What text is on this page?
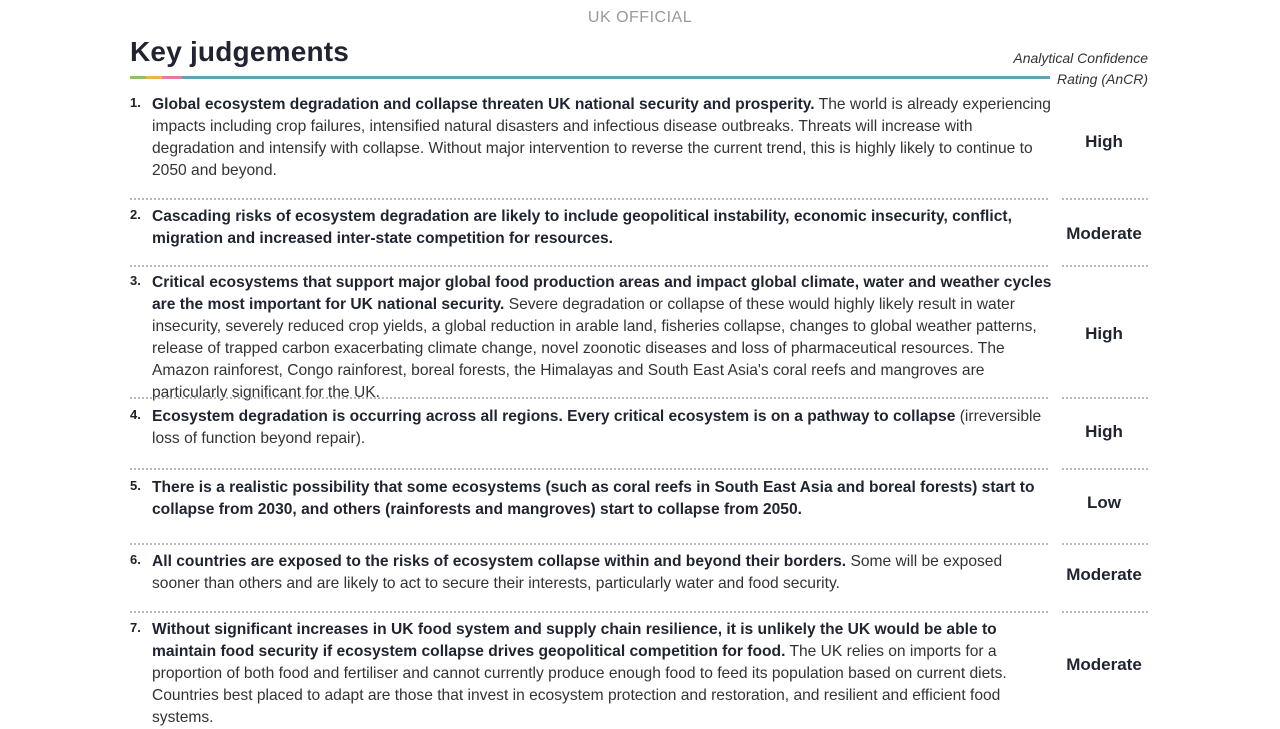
UK OFFICIAL
Key judgements	Analytical Confidence Rating (AnCR)
1. Global ecosystem degradation and collapse threaten UK national security and prosperity. The world is already experiencing impacts including crop failures, intensified natural disasters and infectious disease outbreaks. Threats will increase with degradation and intensify with collapse. Without major intervention to reverse the current trend, this is highly likely to continue to 2050 and beyond.
High
2. Cascading risks of ecosystem degradation are likely to include geopolitical instability, economic insecurity, conflict, migration and increased inter-state competition for resources.	Moderate
3. Critical ecosystems that support major global food production areas and impact global climate, water and weather cycles are the most important for UK national security. Severe degradation or collapse of these would highly likely result in water insecurity, severely reduced crop yields, a global reduction in arable land, fisheries collapse, changes to global weather patterns, release of trapped carbon exacerbating climate change, novel zoonotic diseases and loss of pharmaceutical resources. The Amazon rainforest, Congo rainforest, boreal forests, the Himalayas and South East Asia's coral reefs and mangroves are particularly significant for the UK.
High
4. Ecosystem degradation is occurring across all regions. Every critical ecosystem is on a pathway to collapse (irreversible loss of function beyond repair).	High
5. There is a realistic possibility that some ecosystems (such as coral reefs in South East Asia and boreal forests) start to collapse from 2030, and others (rainforests and mangroves) start to collapse from 2050.	Low
6. All countries are exposed to the risks of ecosystem collapse within and beyond their borders. Some will be exposed sooner than others and are likely to act to secure their interests, particularly water and food security.	Moderate
7. Without significant increases in UK food system and supply chain resilience, it is unlikely the UK would be able to maintain food security if ecosystem collapse drives geopolitical competition for food. The UK relies on imports for a proportion of both food and fertiliser and cannot currently produce enough food to feed its population based on current diets. Countries best placed to adapt are those that invest in ecosystem protection and restoration, and resilient and efficient food systems.
Moderate
